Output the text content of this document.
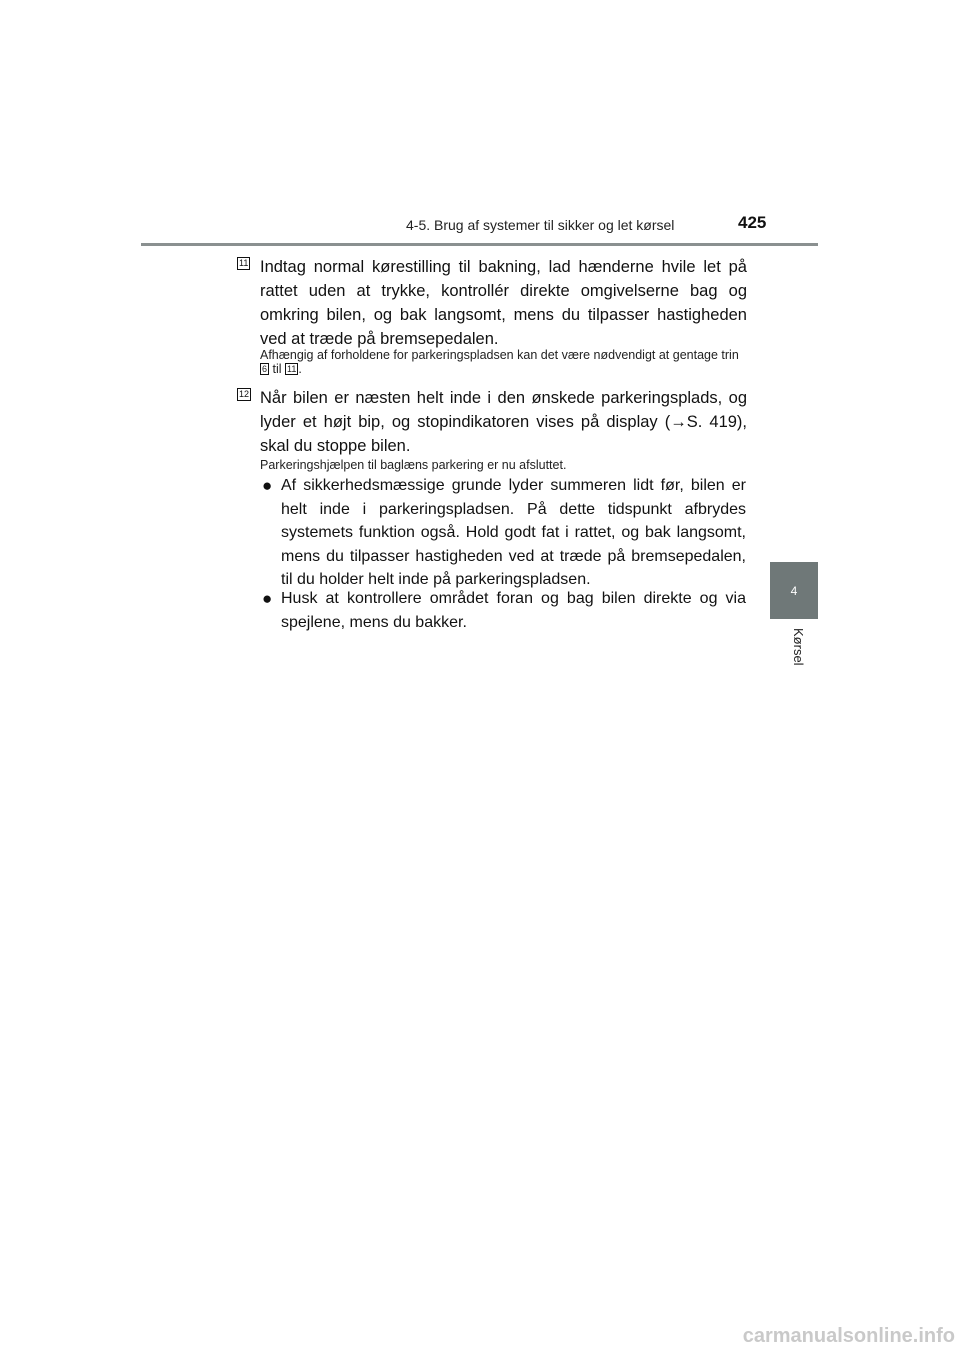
4-5. Brug af systemer til sikker og let kørsel	425
4
Kørsel
11 Indtag normal kørestilling til bakning, lad hænderne hvile let på rattet uden at trykke, kontrollér direkte omgivelserne bag og omkring bilen, og bak langsomt, mens du tilpasser hastigheden ved at træde på bremsepedalen.
Afhængig af forholdene for parkeringspladsen kan det være nødvendigt at gentage trin 6 til 11 .
12 Når bilen er næsten helt inde i den ønskede parkeringsplads, og lyder et højt bip, og stopindikatoren vises på display (→S. 419), skal du stoppe bilen.
Parkeringshjælpen til baglæns parkering er nu afsluttet.
● Af sikkerhedsmæssige grunde lyder summeren lidt før, bilen er helt inde i parkeringspladsen. På dette tidspunkt afbrydes systemets funktion også. Hold godt fat i rattet, og bak langsomt, mens du tilpasser hastigheden ved at træde på bremsepedalen, til du holder helt inde på parkeringspladsen.
● Husk at kontrollere området foran og bag bilen direkte og via spejlene, mens du bakker.
carmanualsonline.info
